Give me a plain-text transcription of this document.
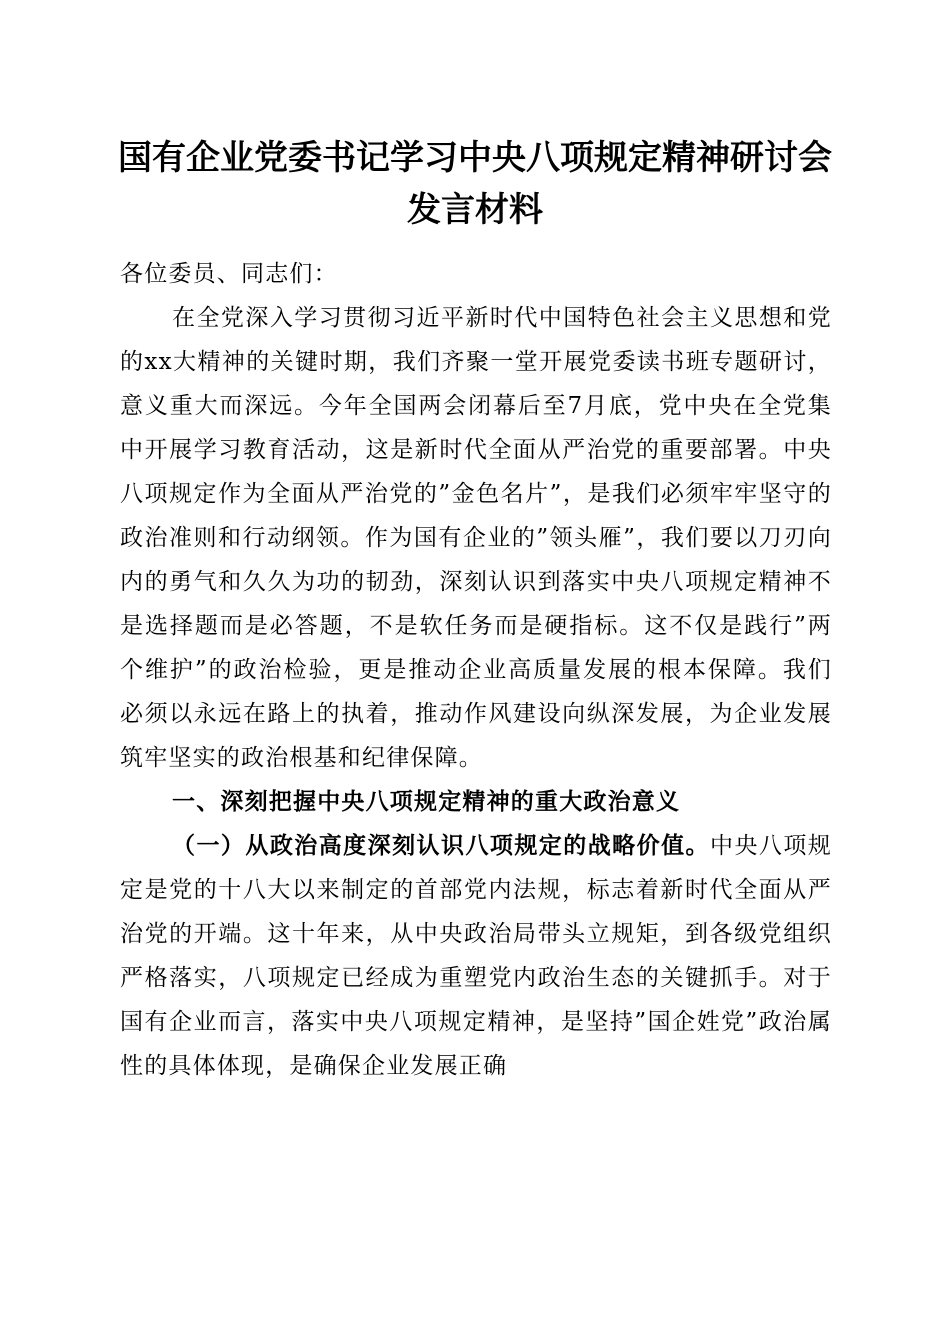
国有企业党委书记学习中央八项规定精神研讨会发言材料

各位委员、同志们：

在全党深入学习贯彻习近平新时代中国特色社会主义思想和党的xx大精神的关键时期，我们齐聚一堂开展党委读书班专题研讨，意义重大而深远。今年全国两会闭幕后至7月底，党中央在全党集中开展学习教育活动，这是新时代全面从严治党的重要部署。中央八项规定作为全面从严治党的”金色名片”，是我们必须牢牢坚守的政治准则和行动纲领。作为国有企业的”领头雁”，我们要以刀刃向内的勇气和久久为功的韧劲，深刻认识到落实中央八项规定精神不是选择题而是必答题，不是软任务而是硬指标。这不仅是践行”两个维护”的政治检验，更是推动企业高质量发展的根本保障。我们必须以永远在路上的执着，推动作风建设向纵深发展，为企业发展筑牢坚实的政治根基和纪律保障。

一、深刻把握中央八项规定精神的重大政治意义

（一）从政治高度深刻认识八项规定的战略价值。中央八项规定是党的十八大以来制定的首部党内法规，标志着新时代全面从严治党的开端。这十年来，从中央政治局带头立规矩，到各级党组织严格落实，八项规定已经成为重塑党内政治生态的关键抓手。对于国有企业而言，落实中央八项规定精神，是坚持”国企姓党”政治属性的具体体现，是确保企业发展正确
